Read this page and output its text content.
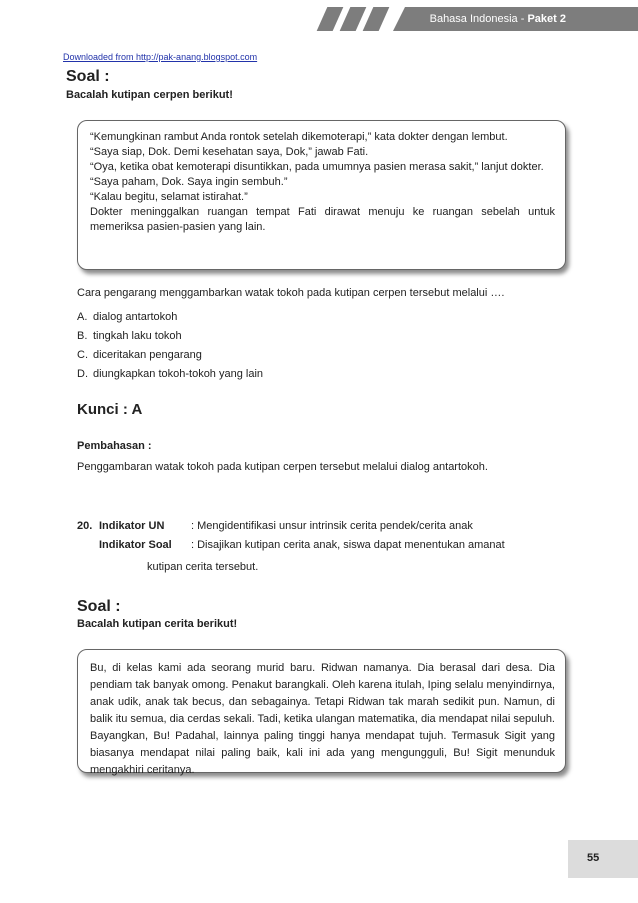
Bahasa Indonesia - Paket 2
Downloaded from http://pak-anang.blogspot.com
Soal :
Bacalah kutipan cerpen berikut!

“Kemungkinan rambut Anda rontok setelah dikemoterapi,” kata dokter dengan lembut.

“Saya siap, Dok. Demi kesehatan saya, Dok,” jawab Fati.

“Oya, ketika obat kemoterapi disuntikkan, pada umumnya pasien merasa sakit,” lanjut dokter.

“Saya paham, Dok. Saya ingin sembuh.”

“Kalau begitu, selamat istirahat.”

Dokter meninggalkan ruangan tempat Fati dirawat menuju ke ruangan sebelah untuk memeriksa pasien-pasien yang lain.

Cara pengarang menggambarkan watak tokoh pada kutipan cerpen tersebut melalui ….
A. dialog antartokoh
B. tingkah laku tokoh
C. diceritakan pengarang
D. diungkapkan tokoh-tokoh yang lain
Kunci : A
Pembahasan :
Penggambaran watak tokoh pada kutipan cerpen tersebut melalui dialog antartokoh.
20. Indikator UN : Mengidentifikasi unsur intrinsik cerita pendek/cerita anak
Indikator Soal : Disajikan kutipan cerita anak, siswa dapat menentukan amanat
kutipan cerita tersebut.
Soal :
Bacalah kutipan cerita berikut!

Bu, di kelas kami ada seorang murid baru. Ridwan namanya. Dia berasal dari desa. Dia pendiam tak banyak omong. Penakut barangkali. Oleh karena itulah, Iping selalu menyindirnya, anak udik, anak tak becus, dan sebagainya. Tetapi Ridwan tak marah sedikit pun. Namun, di balik itu semua, dia cerdas sekali. Tadi, ketika ulangan matematika, dia mendapat nilai sepuluh. Bayangkan, Bu! Padahal, lainnya paling tinggi hanya mendapat tujuh. Termasuk Sigit yang biasanya mendapat nilai paling baik, kali ini ada yang mengungguli, Bu! Sigit menunduk mengakhiri ceritanya.

55
